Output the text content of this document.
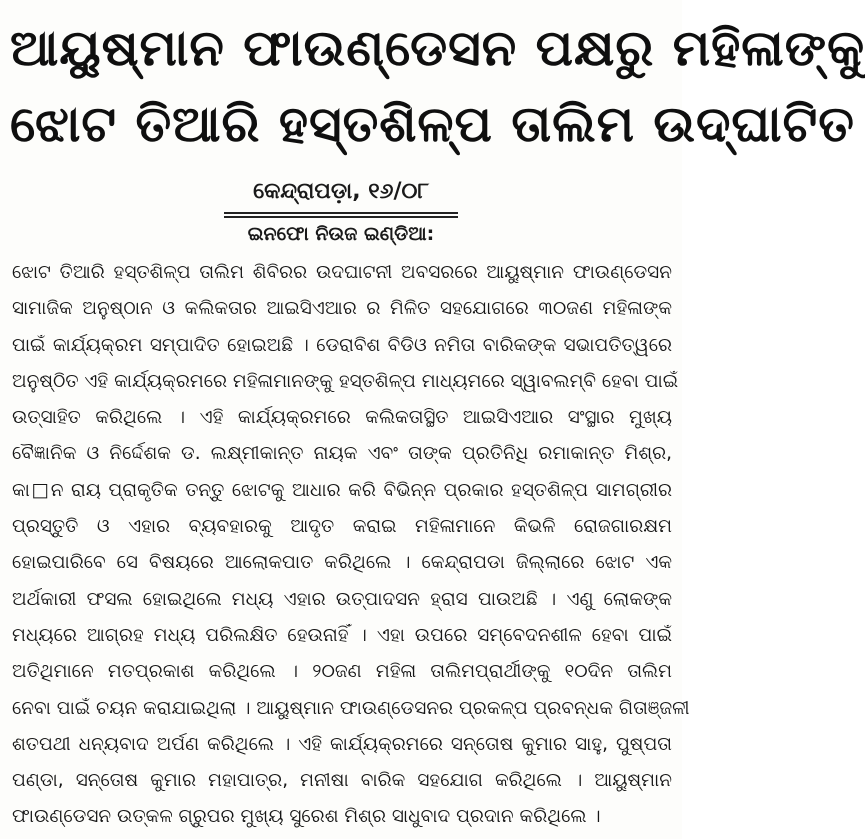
ଆୟୁଷ୍ମାନ ଫାଉଣ୍ଡେସନ ପକ୍ଷରୁ ମହିଳାଙ୍କୁ
ଝୋଟ ତିଆରି ହସ୍ତଶିଳ୍ପ ତାଲିମ ଉଦ୍‌ଘାଟିତ
କେନ୍ଦ୍ରାପଡ଼ା, ୧୬/୦୮
ଇନଫୋ ନିଉଜ ଇଣ୍ଡିଆ:
ଝୋଟ ତିଆରି ହସ୍ତଶିଳ୍ପ ତାଲିମ ଶିବିରର ଉଦଘାଟନୀ ଅବସରରେ ଆୟୁଷ୍ମାନ ଫାଉଣ୍ଡେସନ
ସାମାଜିକ ଅନୁଷ୍ଠାନ ଓ କଲିକତାର ଆଇସିଏଆର ର ମିଳିତ ସହଯୋଗରେ ୩୦ଜଣ ମହିଳାଙ୍କ
ପାଇଁ କାର୍ଯ୍ୟକ୍ରମ ସମ୍ପାଦିତ ହୋଇଅଛି । ଡେରାବିଶ ବିଡିଓ ନମିତା ବାରିକଙ୍କ ସଭାପତିତ୍ୱରେ
ଅନୁଷ୍ଠିତ ଏହି କାର୍ଯ୍ୟକ୍ରମରେ ମହିଳାମାନଙ୍କୁ ହସ୍ତଶିଳ୍ପ ମାଧ୍ୟମରେ ସ୍ୱାବଲମ୍ବି ହେବା ପାଇଁ
ଉତ୍ସାହିତ କରିଥିଲେ । ଏହି କାର୍ଯ୍ୟକ୍ରମରେ କଲିକତାସ୍ଥିତ ଆଇସିଏଆର ସଂସ୍ଥାର ମୁଖ୍ୟ
ବୈଜ୍ଞାନିକ ଓ ନିର୍ଦ୍ଦେଶକ ଡ. ଲକ୍ଷ୍ମୀକାନ୍ତ ନାୟକ ଏବଂ ତାଙ୍କ ପ୍ରତିନିଧି ରମାକାନ୍ତ ମିଶ୍ର,
କା□ନ ରାୟ ପ୍ରାକୃତିକ ତନ୍ତୁ ଝୋଟକୁ ଆଧାର କରି ବିଭିନ୍ନ ପ୍ରକାର ହସ୍ତଶିଳ୍ପ ସାମଗ୍ରୀର
ପ୍ରସ୍ତୁତି ଓ ଏହାର ବ୍ୟବହାରକୁ ଆଦୃତ କରାଇ ମହିଳାମାନେ କିଭଳି ରୋଜଗାରକ୍ଷମ
ହୋଇପାରିବେ ସେ ବିଷୟରେ ଆଲୋକପାତ କରିଥିଲେ । କେନ୍ଦ୍ରାପଡା ଜିଲ୍ଲାରେ ଝୋଟ ଏକ
ଅର୍ଥକାରୀ ଫସଲ ହୋଇଥିଲେ ମଧ୍ୟ ଏହାର ଉତ୍ପାଦସନ ହ୍ରାସ ପାଉଅଛି । ଏଣୁ ଲୋକଙ୍କ
ମଧ୍ୟରେ ଆଗ୍ରହ ମଧ୍ୟ ପରିଲକ୍ଷିତ ହେଉନାହିଁ । ଏହା ଉପରେ ସମ୍ବେଦନଶୀଳ ହେବା ପାଇଁ
ଅତିଥିମାନେ ମତପ୍ରକାଶ କରିଥିଲେ । ୨୦ଜଣ ମହିଳା ତାଲିମପ୍ରାର୍ଥୀଙ୍କୁ ୧୦ଦିନ ତାଲିମ
ନେବା ପାଇଁ ଚୟନ କରାଯାଇଥିଲା । ଆୟୁଷ୍ମାନ ଫାଉଣ୍ଡେସନର ପ୍ରକଳ୍ପ ପ୍ରବନ୍ଧକ ଗିତାଞ୍ଜଳୀ
ଶତପଥୀ ଧନ୍ୟବାଦ ଅର୍ପଣ କରିଥିଲେ । ଏହି କାର୍ଯ୍ୟକ୍ରମରେ ସନ୍ତୋଷ କୁମାର ସାହୁ, ପୁଷ୍ପତା
ପଣ୍ଡା, ସନ୍ତୋଷ କୁମାର ମହାପାତ୍ର, ମନୀଷା ବାରିକ ସହଯୋଗ କରିଥିଲେ । ଆୟୁଷ୍ମାନ
ଫାଉଣ୍ଡେସନ ଉତ୍କଳ ଗ୍ରୁପର ମୁଖ୍ୟ ସୁରେଶ ମିଶ୍ର ସାଧୁବାଦ ପ୍ରଦାନ କରିଥିଲେ ।
